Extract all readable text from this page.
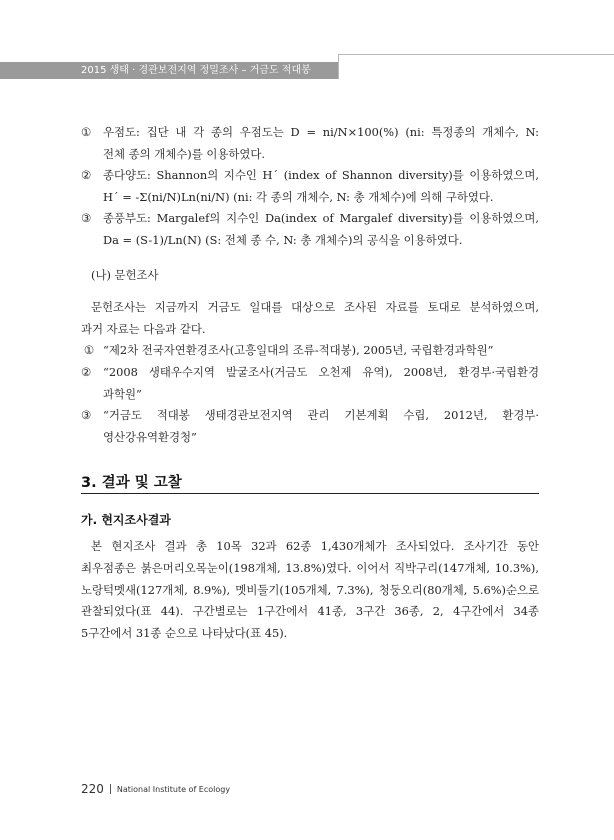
2015 생태 · 경관보전지역 정밀조사 – 거금도 적대봉
①	우점도: 집단 내 각 종의 우점도는 D = ni/N×100(%) (ni: 특정종의 개체수, N:
전체 종의 개체수)를 이용하였다.
②	종다양도: Shannon의 지수인 H´ (index of Shannon diversity)를 이용하였으며,
H´ = -Σ(ni/N)Ln(ni/N) (ni: 각 종의 개체수, N: 총 개체수)에 의해 구하였다.
③	종풍부도: Margalef의 지수인 Da(index of Margalef diversity)를 이용하였으며,
Da = (S-1)/Ln(N) (S: 전체 종 수, N: 총 개체수)의 공식을 이용하였다.
(나) 문헌조사
문헌조사는 지금까지 거금도 일대를 대상으로 조사된 자료를 토대로 분석하였으며,
과거 자료는 다음과 같다.
① “제2차 전국자연환경조사(고흥일대의 조류-적대봉), 2005년, 국립환경과학원”
②	“2008 생태우수지역 발굴조사(거금도 오천제 유역), 2008년, 환경부·국립환경
과학원”
③	“거금도 적대봉 생태경관보전지역 관리 기본계획 수립, 2012년, 환경부·
영산강유역환경청”
3. 결과 및 고찰
가. 현지조사결과
본 현지조사 결과 총 10목 32과 62종 1,430개체가 조사되었다. 조사기간 동안
최우점종은 붉은머리오목눈이(198개체, 13.8%)였다. 이어서 직박구리(147개체, 10.3%),
노랑턱멧새(127개체, 8.9%), 멧비둘기(105개체, 7.3%), 청둥오리(80개체, 5.6%)순으로
관찰되었다(표 44). 구간별로는 1구간에서 41종, 3구간 36종, 2, 4구간에서 34종
5구간에서 31종 순으로 나타났다(표 45).
220 National Institute of Ecology
